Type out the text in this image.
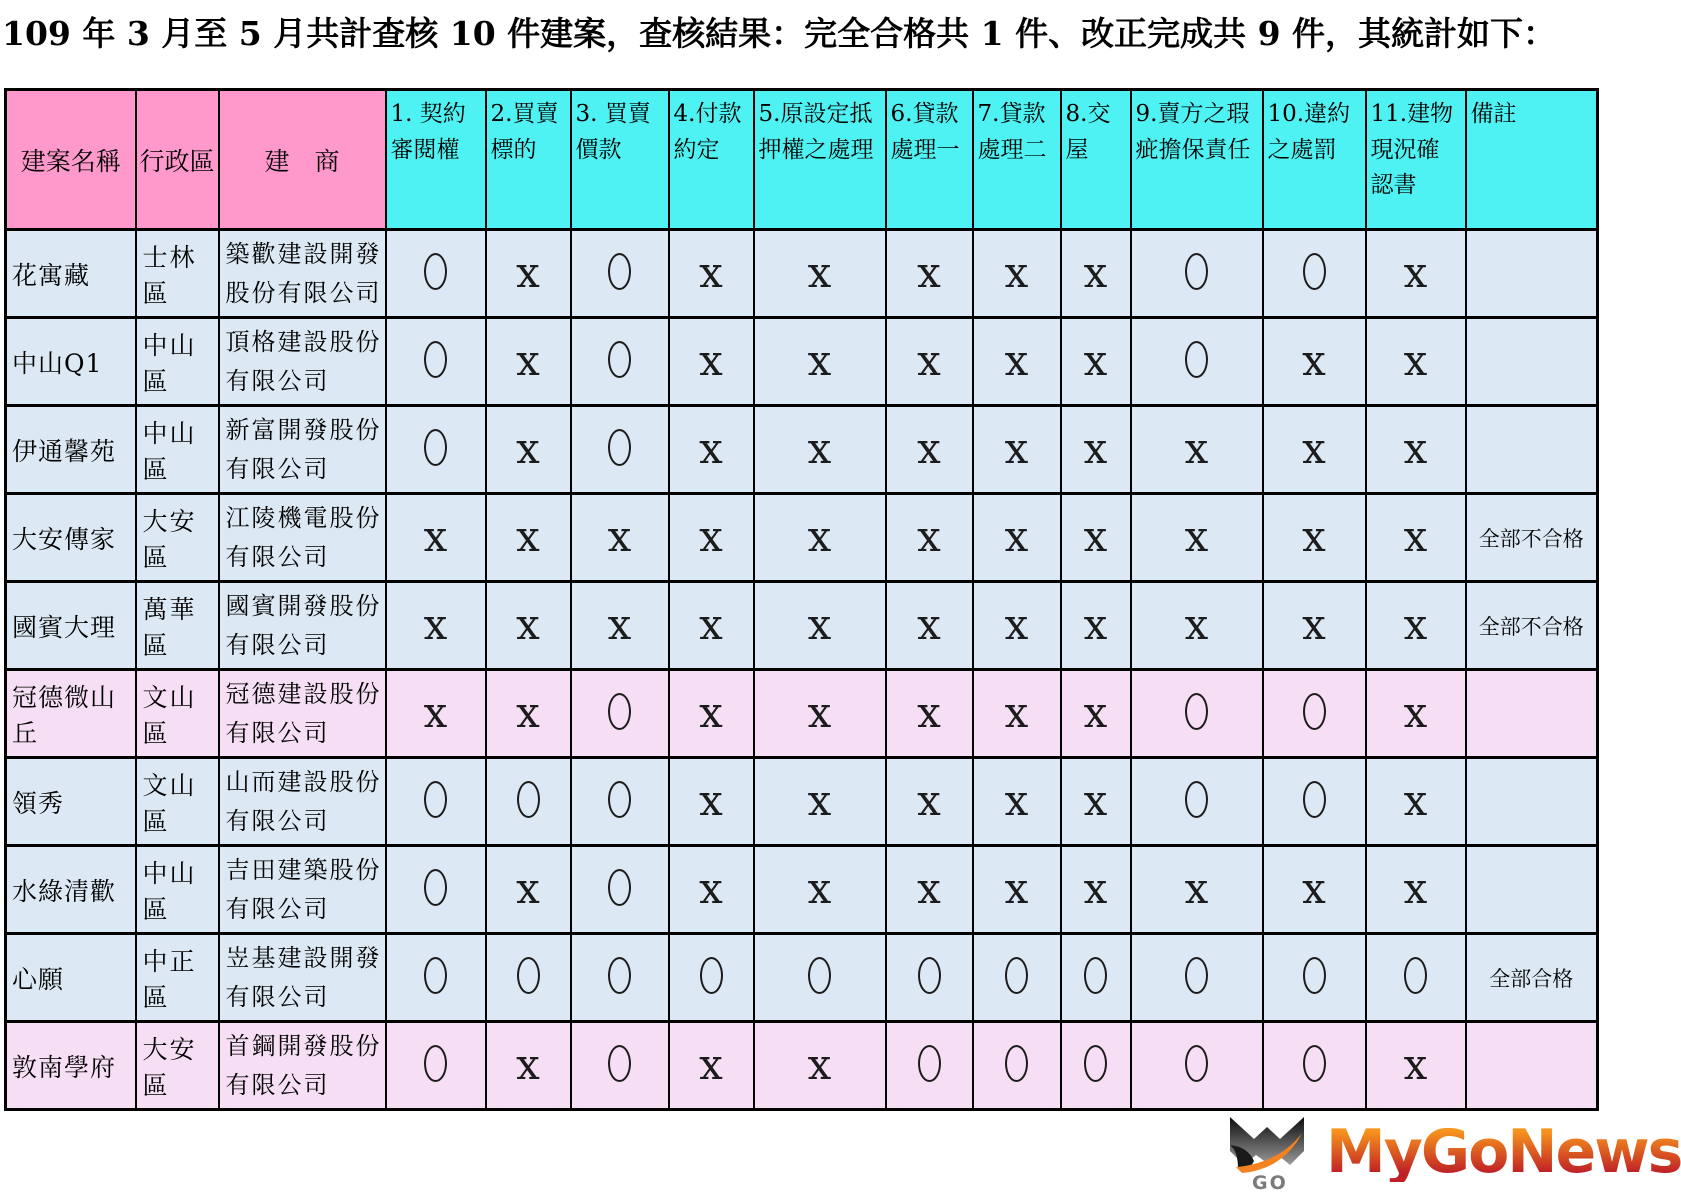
109 年 3 月至 5 月共計查核 10 件建案，查核結果：完全合格共 1 件、改正完成共 9 件，其統計如下：
建案名稱	行政區	建　商	1. 契約審閱權	2.買賣標的	3. 買賣價款	4.付款約定	5.原設定抵押權之處理	6.貸款處理一	7.貸款處理二	8.交屋	9.賣方之瑕疵擔保責任	10.違約之處罰	11.建物現況確認書	備註
花寓藏	士林區	築歡建設開發股份有限公司		x		x	x	x	x	x			x	
中山Q1	中山區	頂格建設股份有限公司		x		x	x	x	x	x		x	x	
伊通馨苑	中山區	新富開發股份有限公司		x		x	x	x	x	x	x	x	x	
大安傳家	大安區	江陵機電股份有限公司	x	x	x	x	x	x	x	x	x	x	x	全部不合格
國賓大理	萬華區	國賓開發股份有限公司	x	x	x	x	x	x	x	x	x	x	x	全部不合格
冠德微山丘	文山區	冠德建設股份有限公司	x	x		x	x	x	x	x			x	
領秀	文山區	山而建設股份有限公司				x	x	x	x	x			x	
水綠清歡	中山區	吉田建築股份有限公司		x		x	x	x	x	x	x	x	x	
心願	中正區	岦基建設開發有限公司												全部合格
敦南學府	大安區	首鋼開發股份有限公司		x		x	x						x	
GO MyGoNews
